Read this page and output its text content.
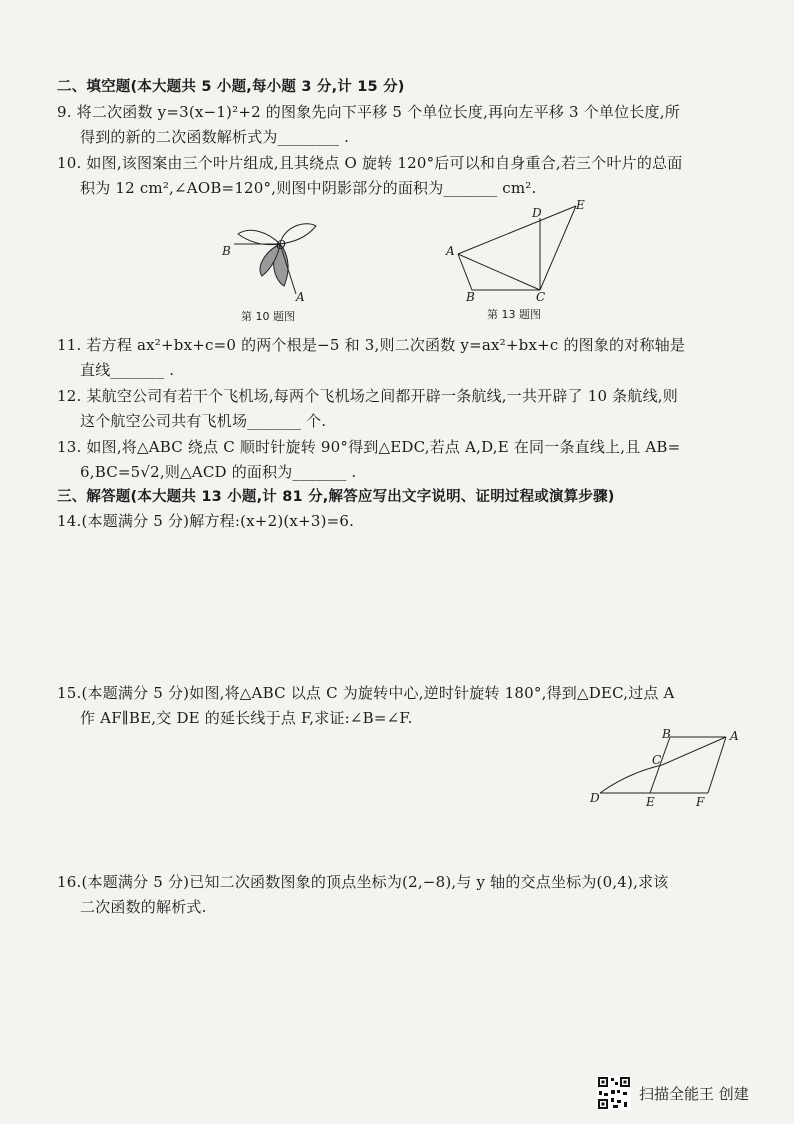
二、填空题(本大题共 5 小题,每小题 3 分,计 15 分)
9. 将二次函数 y=3(x−1)²+2 的图象先向下平移 5 个单位长度,再向左平移 3 个单位长度,所
得到的新的二次函数解析式为________ .
10. 如图,该图案由三个叶片组成,且其绕点 O 旋转 120°后可以和自身重合,若三个叶片的总面
积为 12 cm²,∠AOB=120°,则图中阴影部分的面积为_______ cm².
B	O
A
第 10 题图
A
B	C
D
E
第 13 题图
11. 若方程 ax²+bx+c=0 的两个根是−5 和 3,则二次函数 y=ax²+bx+c 的图象的对称轴是
直线_______ .
12. 某航空公司有若干个飞机场,每两个飞机场之间都开辟一条航线,一共开辟了 10 条航线,则
这个航空公司共有飞机场_______ 个.
13. 如图,将△ABC 绕点 C 顺时针旋转 90°得到△EDC,若点 A,D,E 在同一条直线上,且 AB=
6,BC=5√2,则△ACD 的面积为_______ .
三、解答题(本大题共 13 小题,计 81 分,解答应写出文字说明、证明过程或演算步骤)
14.(本题满分 5 分)解方程:(x+2)(x+3)=6.
15.(本题满分 5 分)如图,将△ABC 以点 C 为旋转中心,逆时针旋转 180°,得到△DEC,过点 A
作 AF∥BE,交 DE 的延长线于点 F,求证:∠B=∠F.
B	A
C
D	E	F
16.(本题满分 5 分)已知二次函数图象的顶点坐标为(2,−8),与 y 轴的交点坐标为(0,4),求该
二次函数的解析式.
扫描全能王 创建
